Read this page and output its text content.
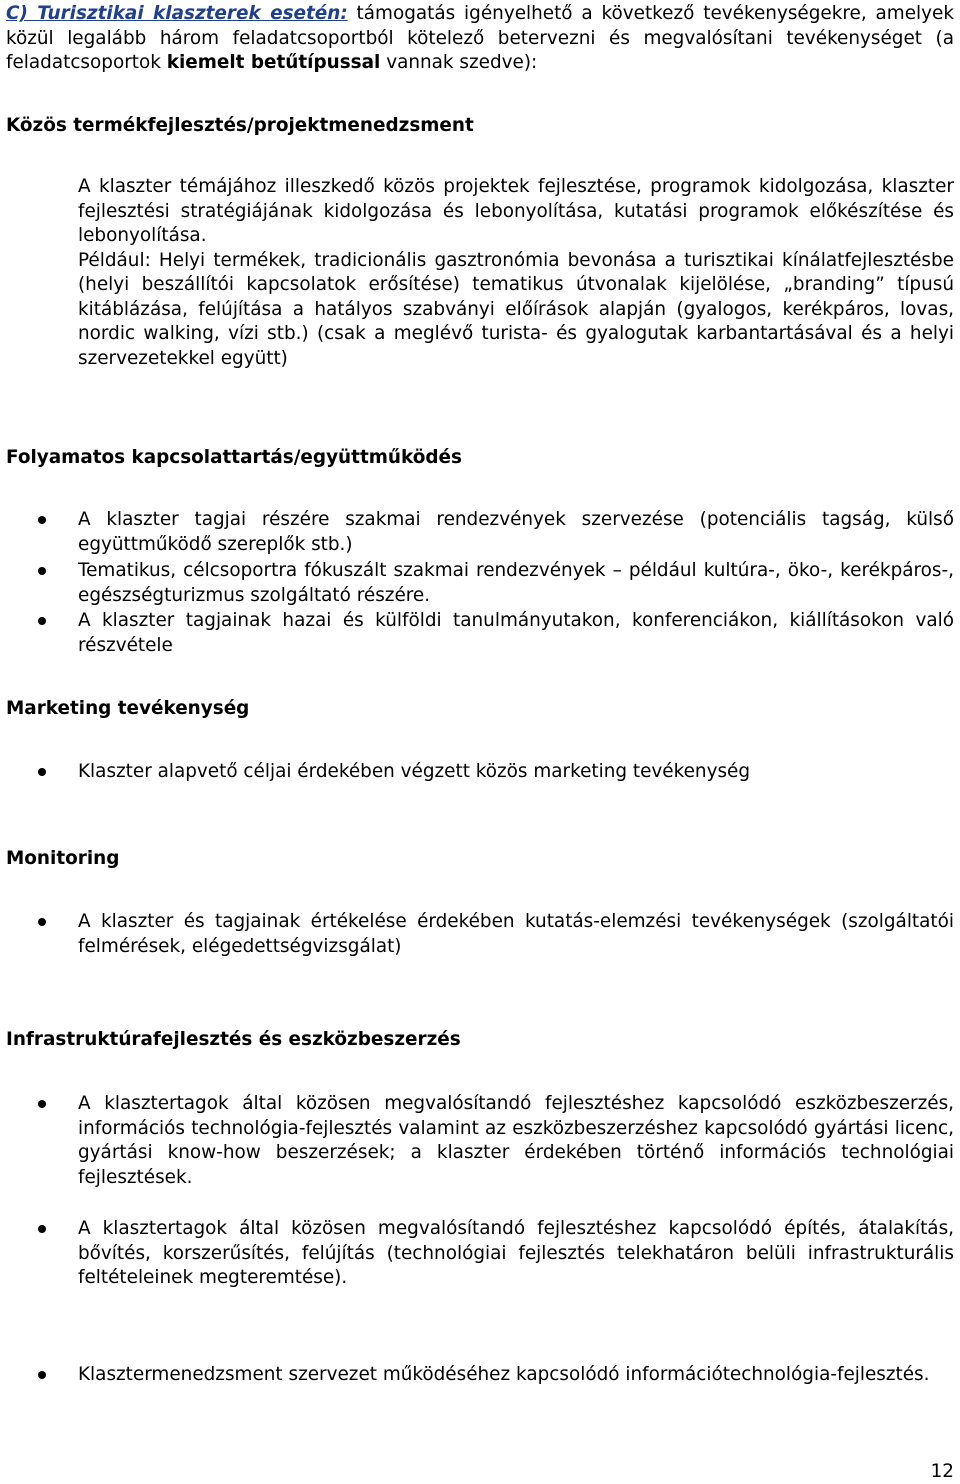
C) Turisztikai klaszterek esetén: támogatás igényelhető a következő tevékenységekre, amelyek közül legalább három feladatcsoportból kötelező betervezni és megvalósítani tevékenységet (a feladatcsoportok kiemelt betűtípussal vannak szedve):
Közös termékfejlesztés/projektmenedzsment

A klaszter témájához illeszkedő közös projektek fejlesztése, programok kidolgozása, klaszter fejlesztési stratégiájának kidolgozása és lebonyolítása, kutatási programok előkészítése és lebonyolítása.

Például: Helyi termékek, tradicionális gasztronómia bevonása a turisztikai kínálatfejlesztésbe (helyi beszállítói kapcsolatok erősítése) tematikus útvonalak kijelölése, „branding” típusú kitáblázása, felújítása a hatályos szabványi előírások alapján (gyalogos, kerékpáros, lovas, nordic walking, vízi stb.) (csak a meglévő turista- és gyalogutak karbantartásával és a helyi szervezetekkel együtt)

Folyamatos kapcsolattartás/együttműködés
A klaszter tagjai részére szakmai rendezvények szervezése (potenciális tagság, külső együttműködő szereplők stb.)
Tematikus, célcsoportra fókuszált szakmai rendezvények – például kultúra-, öko-, kerékpáros-, egészségturizmus szolgáltató részére.
A klaszter tagjainak hazai és külföldi tanulmányutakon, konferenciákon, kiállításokon való részvétele
Marketing tevékenység
Klaszter alapvető céljai érdekében végzett közös marketing tevékenység
Monitoring
A klaszter és tagjainak értékelése érdekében kutatás-elemzési tevékenységek (szolgáltatói felmérések, elégedettségvizsgálat)
Infrastruktúrafejlesztés és eszközbeszerzés
A klasztertagok által közösen megvalósítandó fejlesztéshez kapcsolódó eszközbeszerzés, információs technológia-fejlesztés valamint az eszközbeszerzéshez kapcsolódó gyártási licenc, gyártási know-how beszerzések; a klaszter érdekében történő információs technológiai fejlesztések.
A klasztertagok által közösen megvalósítandó fejlesztéshez kapcsolódó építés, átalakítás, bővítés, korszerűsítés, felújítás (technológiai fejlesztés telekhatáron belüli infrastrukturális feltételeinek megteremtése).
Klasztermenedzsment szervezet működéséhez kapcsolódó információtechnológia-fejlesztés.
12
